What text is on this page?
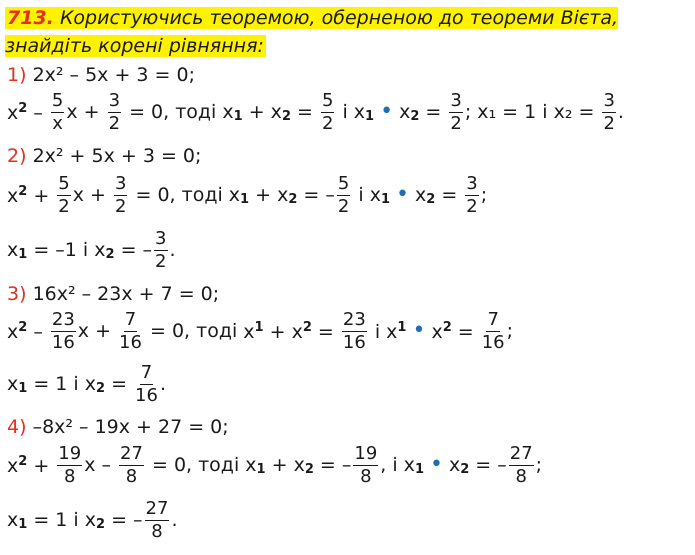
713. Користуючись теоремою, оберненою до теореми Вієта, знайдіть корені рівняння:
1)
2x² – 5x + 3 = 0;
$x^2 - \frac{5}{x}$ $x + \frac{3}{2}$
= 0, тоді $x1 + x2 = \frac{5}{2}$ і x1 • $x2 = \frac{3}{2}$ ; x₁ = 1 і x₂ =
$\frac{3}{2}$ .
2)
2x² + 5x + 3 = 0;
$x^2 + \frac{5}{2}$ $x + \frac{3}{2}$
= 0, тоді x1 + x2 = – $\frac{5}{2}$ і x1 • $x2 = \frac{3}{2}$ ;
x1 = –1 і x2 = – $\frac{3}{2}$ .
3)
16x² – 23x + 7 = 0;
$x^2 - \frac{23}{16}$ $x + \frac{7}{16}$
= 0, тоді $x^1 + x^2 = \frac{23}{16}$ і $x^1$ • $x^2 = \frac{7}{16}$ ;
x1 = 1 і $x2 = \frac{7}{16}$ .
4)
–8x² – 19x + 27 = 0;
$x^2 + \frac{19}{8}$ x – $\frac{27}{8}$
= 0, тоді x1 + x2 = – $\frac{19}{8}$ , і x1 • x2 = – $\frac{27}{8}$ ;
x1 = 1 і x2 = – $\frac{27}{8}$ .
